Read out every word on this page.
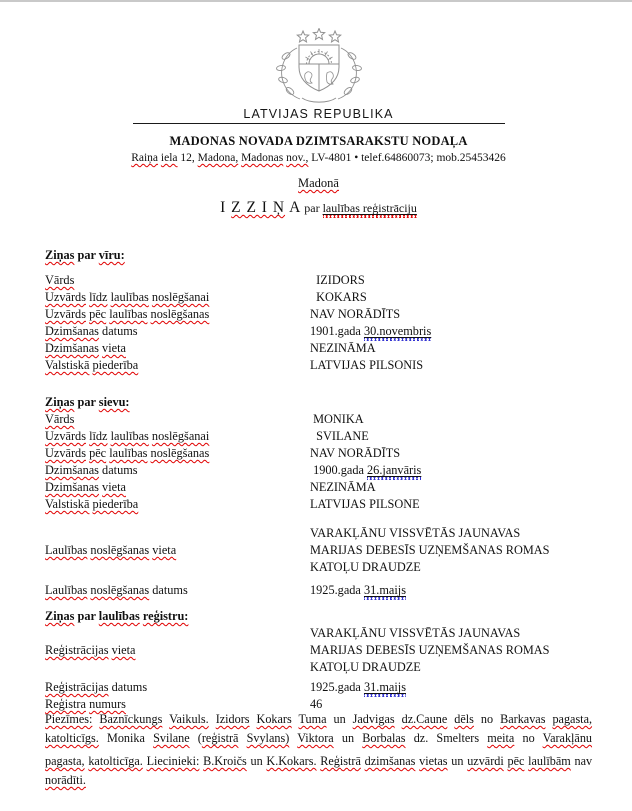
LATVIJAS REPUBLIKA
MADONAS NOVADA DZIMTSARAKSTU NODAĻA
Raiņa iela 12, Madona, Madonas nov., LV-4801 • telef.64860073; mob.25453426
Madonā
I Z Z I Ņ A par laulības reģistrāciju
Ziņas par vīru:
Vārds	IZIDORS
Uzvārds līdz laulības noslēgšanai	KOKARS
Uzvārds pēc laulības noslēgšanas	NAV NORĀDĪTS
Dzimšanas datums	1901.gada 30.novembris
Dzimšanas vieta	NEZINĀMA
Valstiskā piederība	LATVIJAS PILSONIS
Ziņas par sievu:
Vārds	MONIKA
Uzvārds līdz laulības noslēgšanai	SVILANE
Uzvārds pēc laulības noslēgšanas	NAV NORĀDĪTS
Dzimšanas datums	1900.gada 26.janvāris
Dzimšanas vieta	NEZINĀMA
Valstiskā piederība	LATVIJAS PILSONE
Laulības noslēgšanas vieta
VARAKĻĀNU VISSVĒTĀS JAUNAVAS
MARIJAS DEBESĪS UZŅEMŠANAS ROMAS
KATOĻU DRAUDZE
Laulības noslēgšanas datums	1925.gada 31.maijs
Ziņas par laulības reģistru:
Reģistrācijas vieta
VARAKĻĀNU VISSVĒTĀS JAUNAVAS
MARIJAS DEBESĪS UZŅEMŠANAS ROMAS
KATOĻU DRAUDZE
Reģistrācijas datums	1925.gada 31.maijs
Reģistra numurs	46

Piezīmes: Baznīckungs Vaikuls. Izidors Kokars Tuma un Jadvigas dz.Caune dēls no Barkavas pagasta, katolticīgs. Monika Svilane (reģistrā Svylans) Viktora un Borbalas dz. Smelters meita no Varakļānu

pagasta, katolticīga. Liecinieki: B.Kroičs un K.Kokars. Reģistrā dzimšanas vietas un uzvārdi pēc laulībām nav norādīti.
